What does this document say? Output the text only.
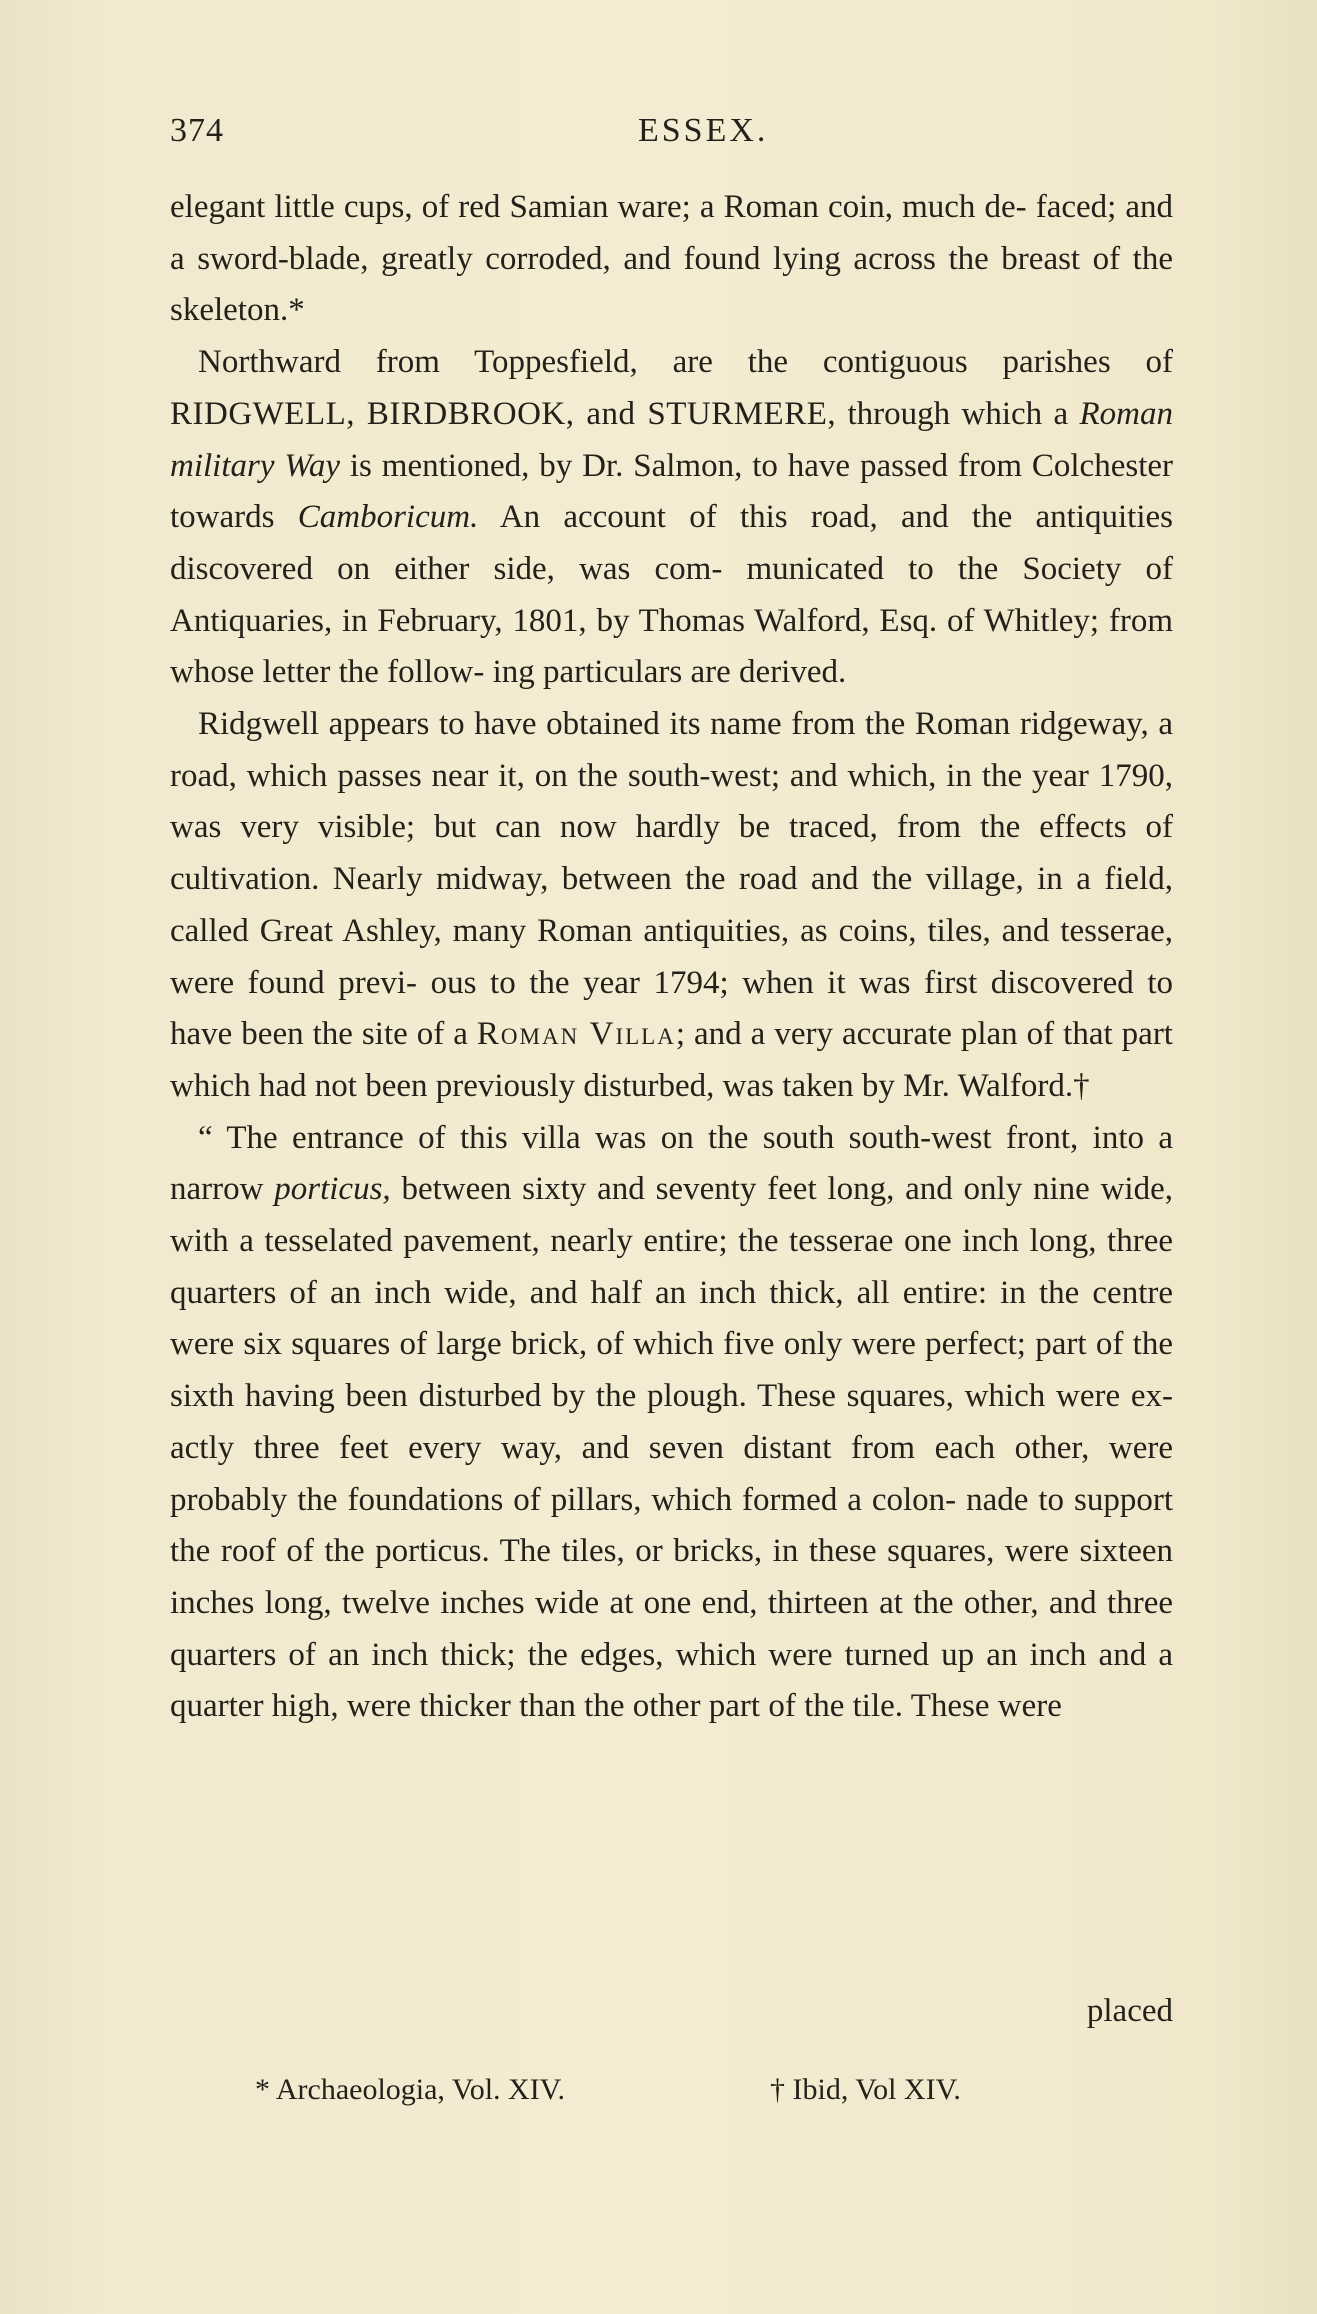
374	ESSEX.

elegant little cups, of red Samian ware; a Roman coin, much de- faced; and a sword-blade, greatly corroded, and found lying across the breast of the skeleton.*

Northward from Toppesfield, are the contiguous parishes of RIDGWELL, BIRDBROOK, and STURMERE, through which a Roman military Way is mentioned, by Dr. Salmon, to have passed from Colchester towards Camboricum. An account of this road, and the antiquities discovered on either side, was com- municated to the Society of Antiquaries, in February, 1801, by Thomas Walford, Esq. of Whitley; from whose letter the follow- ing particulars are derived.

Ridgwell appears to have obtained its name from the Roman ridgeway, a road, which passes near it, on the south-west; and which, in the year 1790, was very visible; but can now hardly be traced, from the effects of cultivation. Nearly midway, between the road and the village, in a field, called Great Ashley, many Roman antiquities, as coins, tiles, and tesserae, were found previ- ous to the year 1794; when it was first discovered to have been the site of a Roman Villa; and a very accurate plan of that part which had not been previously disturbed, was taken by Mr. Walford.†

“ The entrance of this villa was on the south south-west front, into a narrow porticus, between sixty and seventy feet long, and only nine wide, with a tesselated pavement, nearly entire; the tesserae one inch long, three quarters of an inch wide, and half an inch thick, all entire: in the centre were six squares of large brick, of which five only were perfect; part of the sixth having been disturbed by the plough. These squares, which were ex- actly three feet every way, and seven distant from each other, were probably the foundations of pillars, which formed a colon- nade to support the roof of the porticus. The tiles, or bricks, in these squares, were sixteen inches long, twelve inches wide at one end, thirteen at the other, and three quarters of an inch thick; the edges, which were turned up an inch and a quarter high, were thicker than the other part of the tile. These were

placed
* Archaeologia, Vol. XIV.	† Ibid, Vol XIV.
